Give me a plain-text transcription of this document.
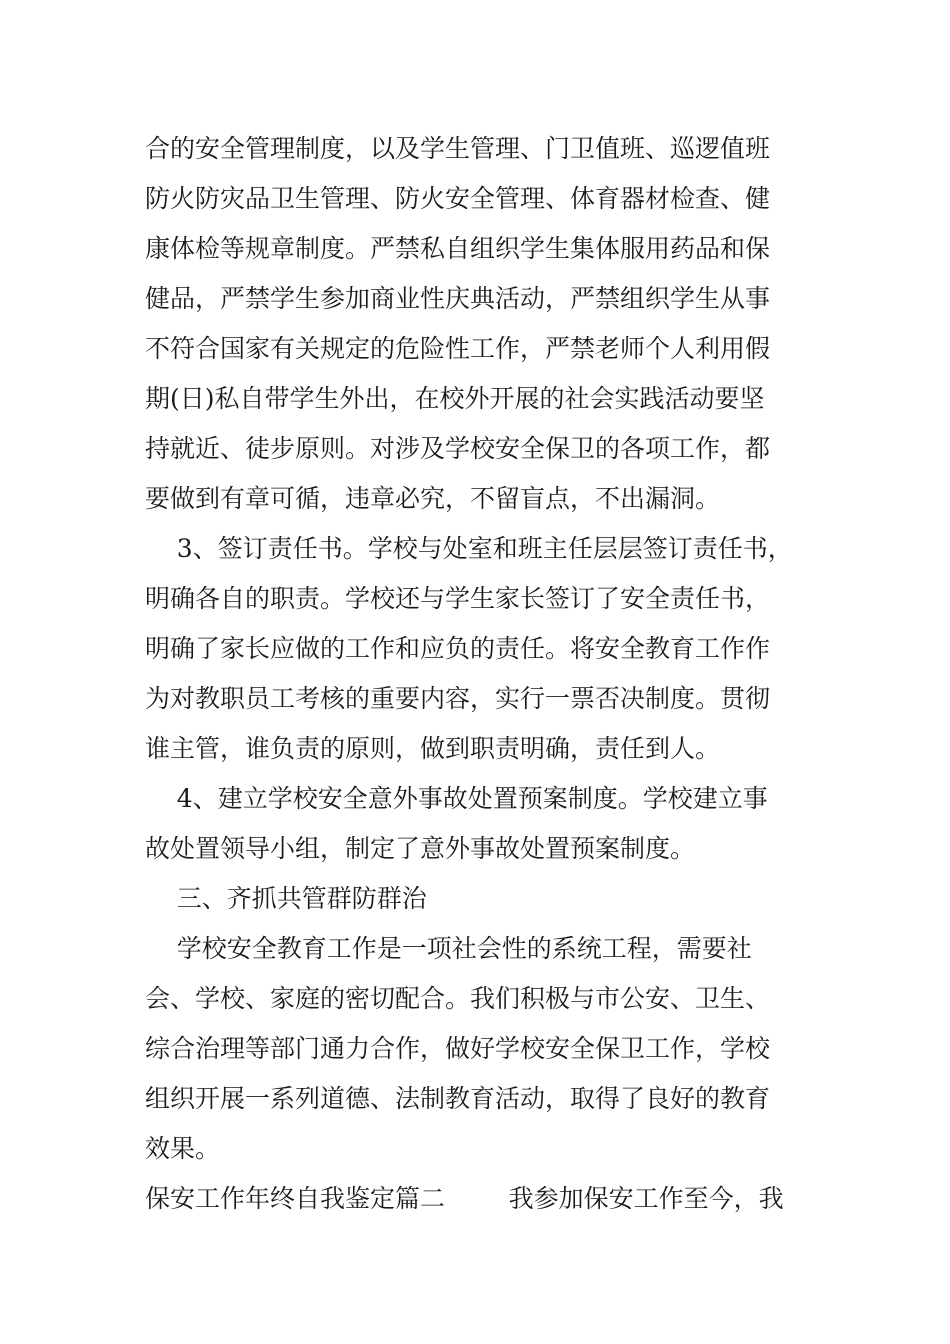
合的安全管理制度，以及学生管理、门卫值班、巡逻值班
防火防灾品卫生管理、防火安全管理、体育器材检查、健
康体检等规章制度。严禁私自组织学生集体服用药品和保
健品，严禁学生参加商业性庆典活动，严禁组织学生从事
不符合国家有关规定的危险性工作，严禁老师个人利用假
期(日)私自带学生外出，在校外开展的社会实践活动要坚
持就近、徒步原则。对涉及学校安全保卫的各项工作，都
要做到有章可循，违章必究，不留盲点，不出漏洞。
3、签订责任书。学校与处室和班主任层层签订责任书，
明确各自的职责。学校还与学生家长签订了安全责任书，
明确了家长应做的工作和应负的责任。将安全教育工作作
为对教职员工考核的重要内容，实行一票否决制度。贯彻
谁主管，谁负责的原则，做到职责明确，责任到人。
4、建立学校安全意外事故处置预案制度。学校建立事
故处置领导小组，制定了意外事故处置预案制度。
三、齐抓共管群防群治
学校安全教育工作是一项社会性的系统工程，需要社
会、学校、家庭的密切配合。我们积极与市公安、卫生、
综合治理等部门通力合作，做好学校安全保卫工作，学校
组织开展一系列道德、法制教育活动，取得了良好的教育
效果。
保安工作年终自我鉴定篇二        我参加保安工作至今，我
